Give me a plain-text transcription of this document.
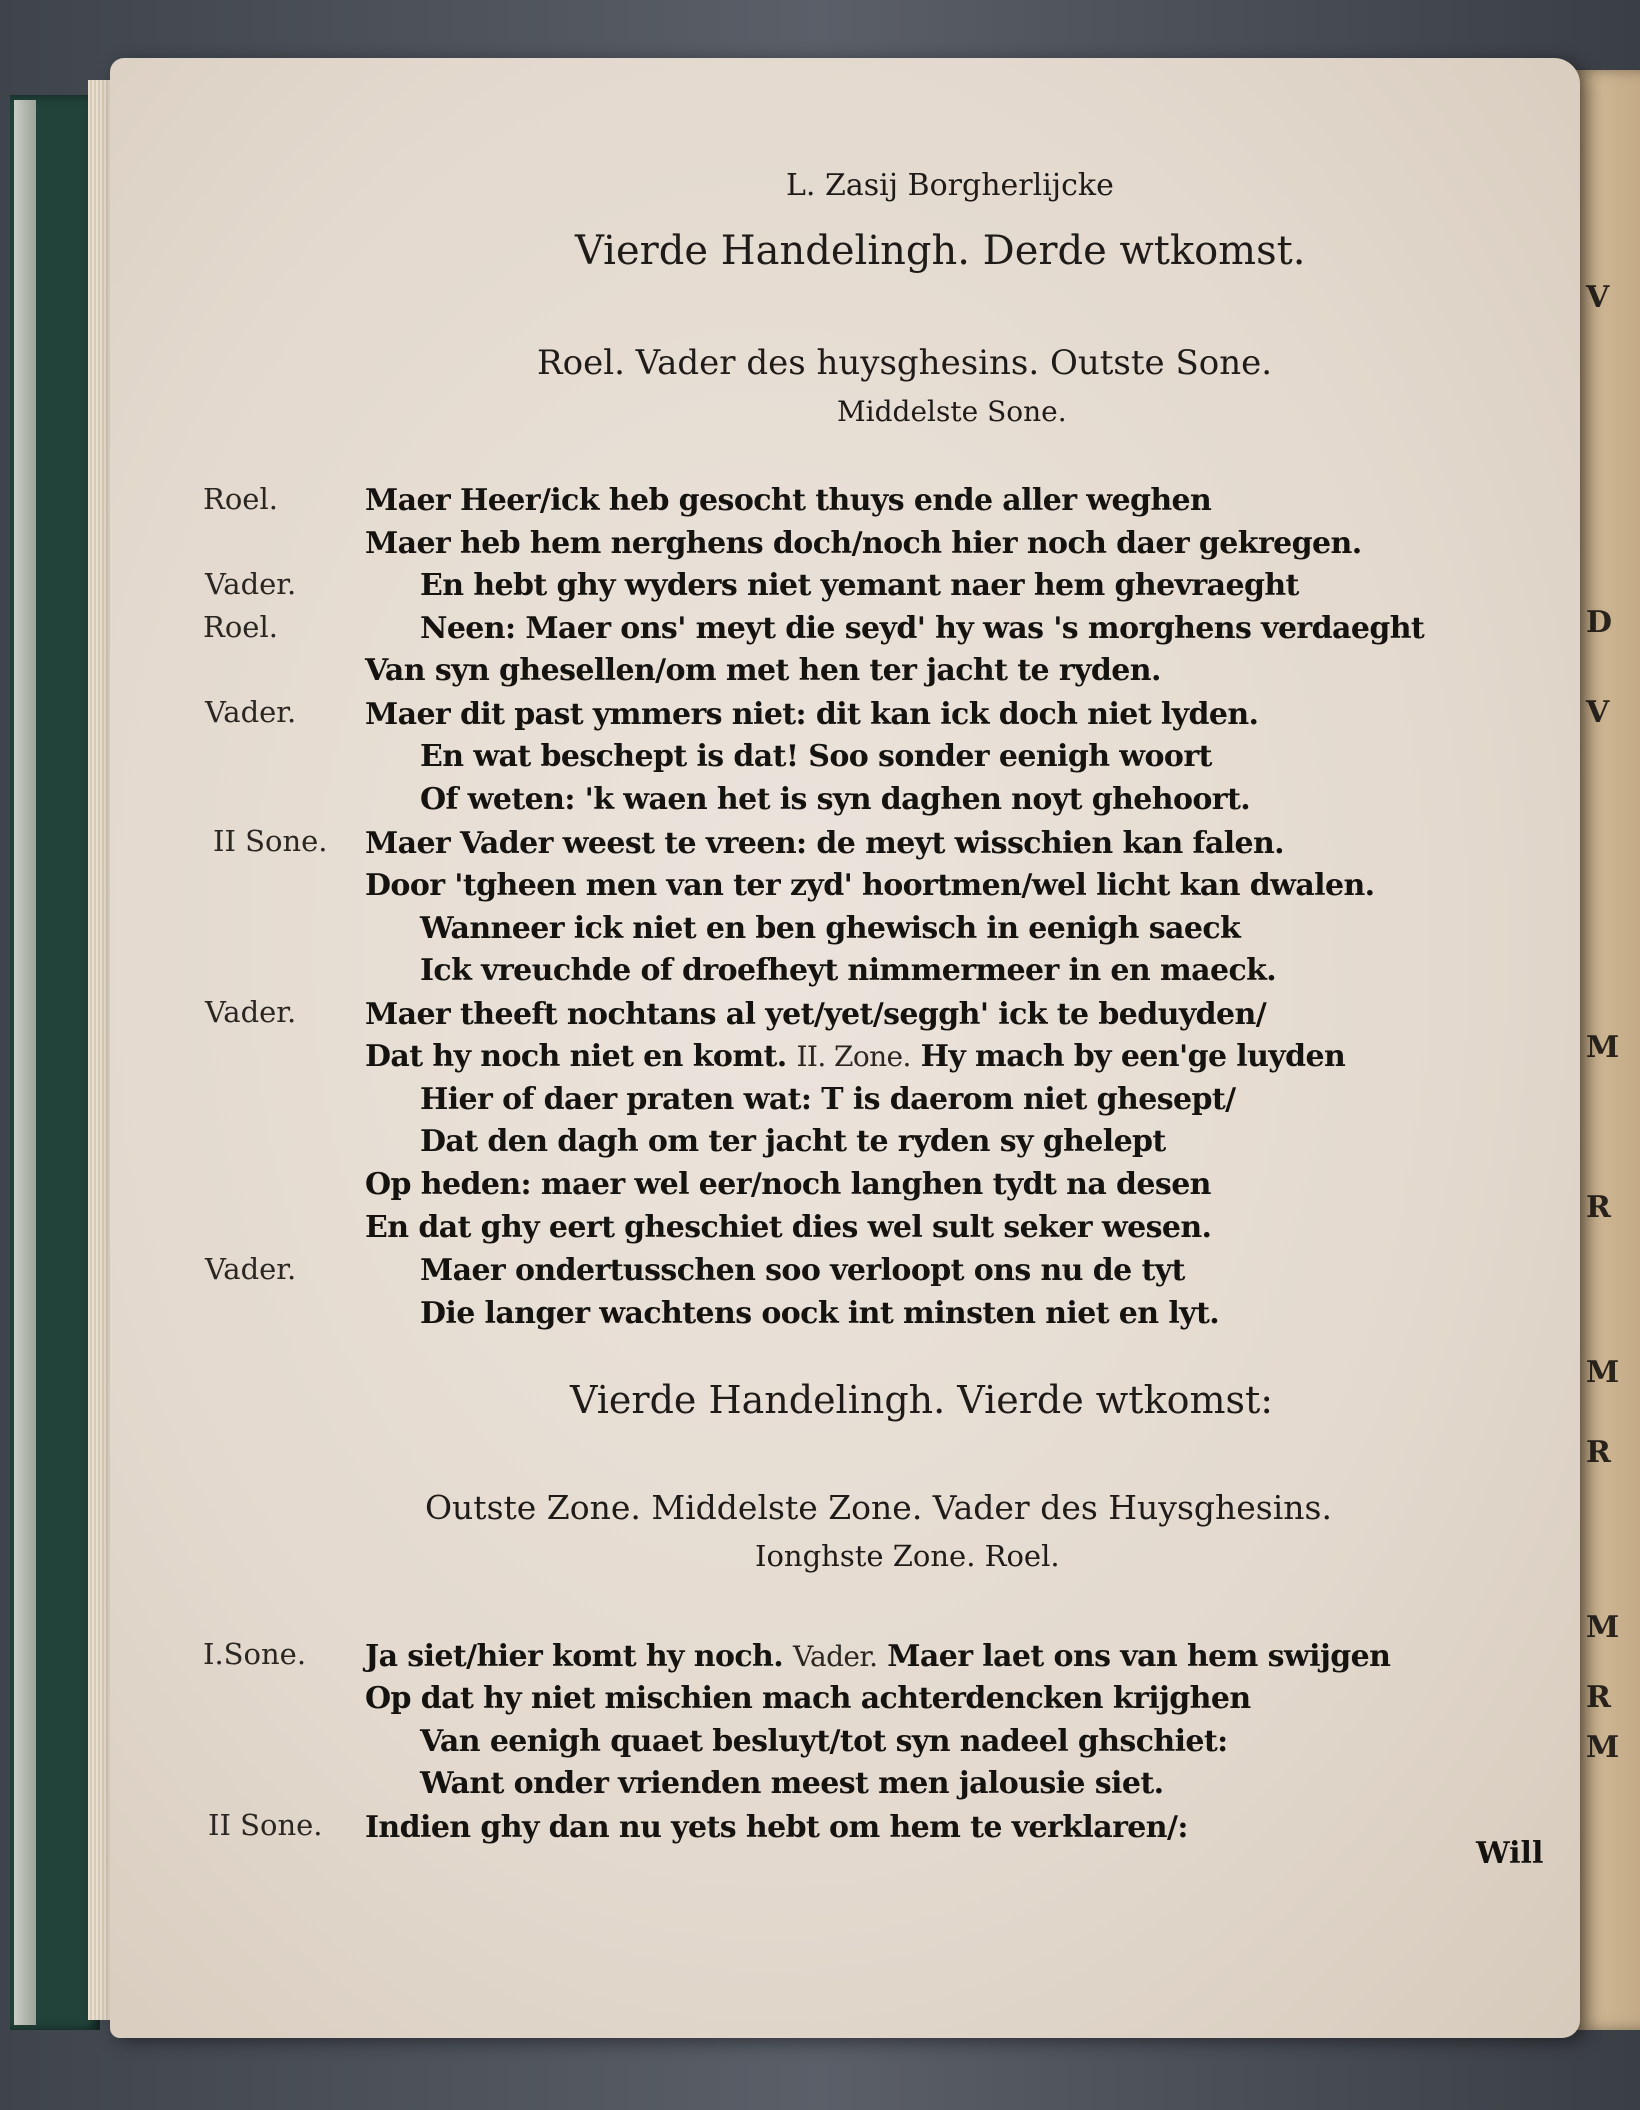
V
D
V
M
R
M
R
M
R
M
L. Zasij Borgherlijcke
Vierde Handelingh. Derde wtkomst.
Roel. Vader des huysghesins. Outste Sone.
Middelste Sone.
Roel.	Maer Heer/ick heb gesocht thuys ende aller weghen
Maer heb hem nerghens doch/noch hier noch daer gekregen.
Vader.	En hebt ghy wyders niet yemant naer hem ghevraeght
Roel.	Neen: Maer ons' meyt die seyd' hy was 's morghens verdaeght
Van syn ghesellen/om met hen ter jacht te ryden.
Vader. Maer dit past ymmers niet: dit kan ick doch niet lyden.
En wat beschept is dat! Soo sonder eenigh woort
Of weten: 'k waen het is syn daghen noyt ghehoort.
II Sone. Maer Vader weest te vreen: de meyt wisschien kan falen.
Door 'tgheen men van ter zyd' hoortmen/wel licht kan dwalen.
Wanneer ick niet en ben ghewisch in eenigh saeck
Ick vreuchde of droefheyt nimmermeer in en maeck.
Vader. Maer theeft nochtans al yet/yet/seggh' ick te beduyden/
Dat hy noch niet en komt. II. Zone. Hy mach by een'ge luyden
Hier of daer praten wat: T is daerom niet ghesept/
Dat den dagh om ter jacht te ryden sy ghelept
Op heden: maer wel eer/noch langhen tydt na desen
En dat ghy eert gheschiet dies wel sult seker wesen.
Vader.	Maer ondertusschen soo verloopt ons nu de tyt
Die langer wachtens oock int minsten niet en lyt.
Vierde Handelingh. Vierde wtkomst:
Outste Zone. Middelste Zone. Vader des Huysghesins.
Ionghste Zone. Roel.
I.Sone. Ja siet/hier komt hy noch. Vader. Maer laet ons van hem swijgen
Op dat hy niet mischien mach achterdencken krijghen
Van eenigh quaet besluyt/tot syn nadeel ghschiet:
Want onder vrienden meest men jalousie siet.
II Sone. Indien ghy dan nu yets hebt om hem te verklaren/:
Will
